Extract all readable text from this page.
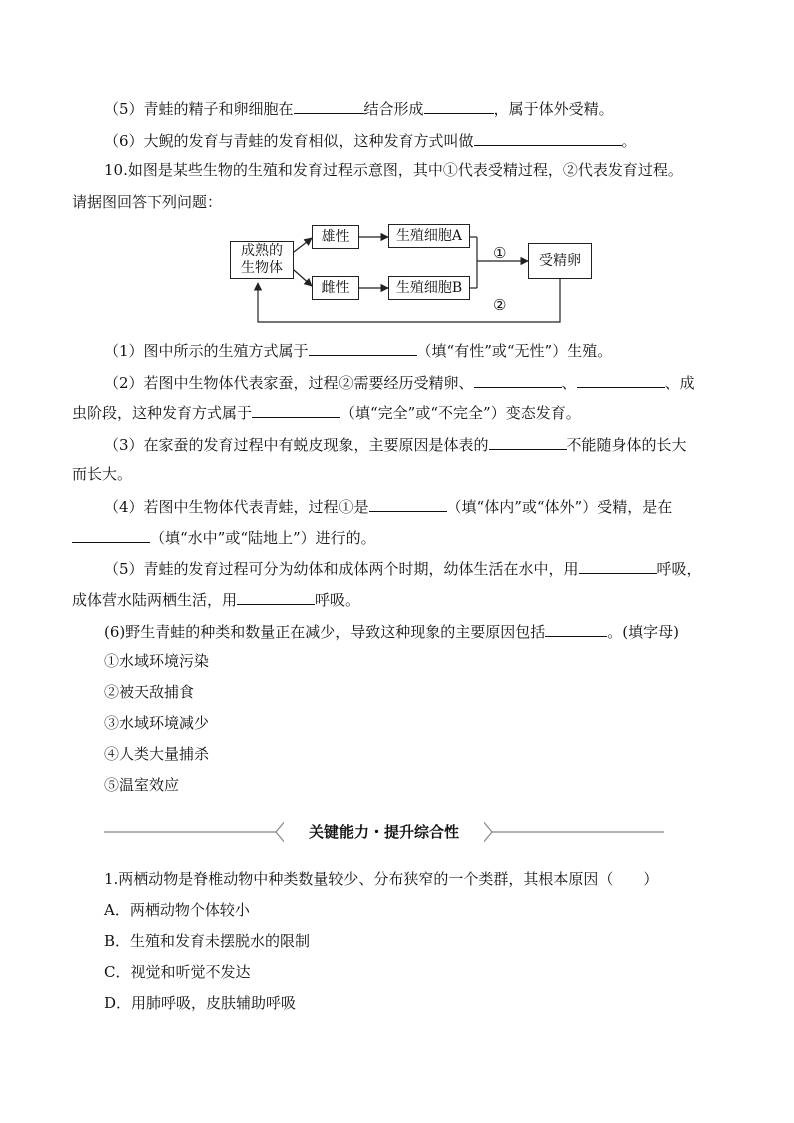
（5）青蛙的精子和卵细胞在	结合形成	，属于体外受精。
（6）大鲵的发育与青蛙的发育相似，这种发育方式叫做	。
10.如图是某些生物的生殖和发育过程示意图，其中①代表受精过程，②代表发育过程。
请据图回答下列问题：
成熟的
生物体
雄性
雌性
生殖细胞A
生殖细胞B
受精卵
①
②
（1）图中所示的生殖方式属于	（填“有性”或“无性”）生殖。
（2）若图中生物体代表家蚕，过程②需要经历受精卵、	、	、成
虫阶段，这种发育方式属于	（填“完全”或“不完全”）变态发育。
（3）在家蚕的发育过程中有蜕皮现象，主要原因是体表的	不能随身体的长大
而长大。
（4）若图中生物体代表青蛙，过程①是	（填“体内”或“体外”）受精，是在
（填“水中”或“陆地上”）进行的。
（5）青蛙的发育过程可分为幼体和成体两个时期，幼体生活在水中，用	呼吸，
成体营水陆两栖生活，用	呼吸。
(6)野生青蛙的种类和数量正在减少，导致这种现象的主要原因包括	。(填字母)
①水域环境污染
②被天敌捕食
③水域环境减少
④人类大量捕杀
⑤温室效应
关键能力・提升综合性
1.两栖动物是脊椎动物中种类数量较少、分布狭窄的一个类群，其根本原因（　　）
A．两栖动物个体较小
B．生殖和发育未摆脱水的限制
C．视觉和听觉不发达
D．用肺呼吸，皮肤辅助呼吸
